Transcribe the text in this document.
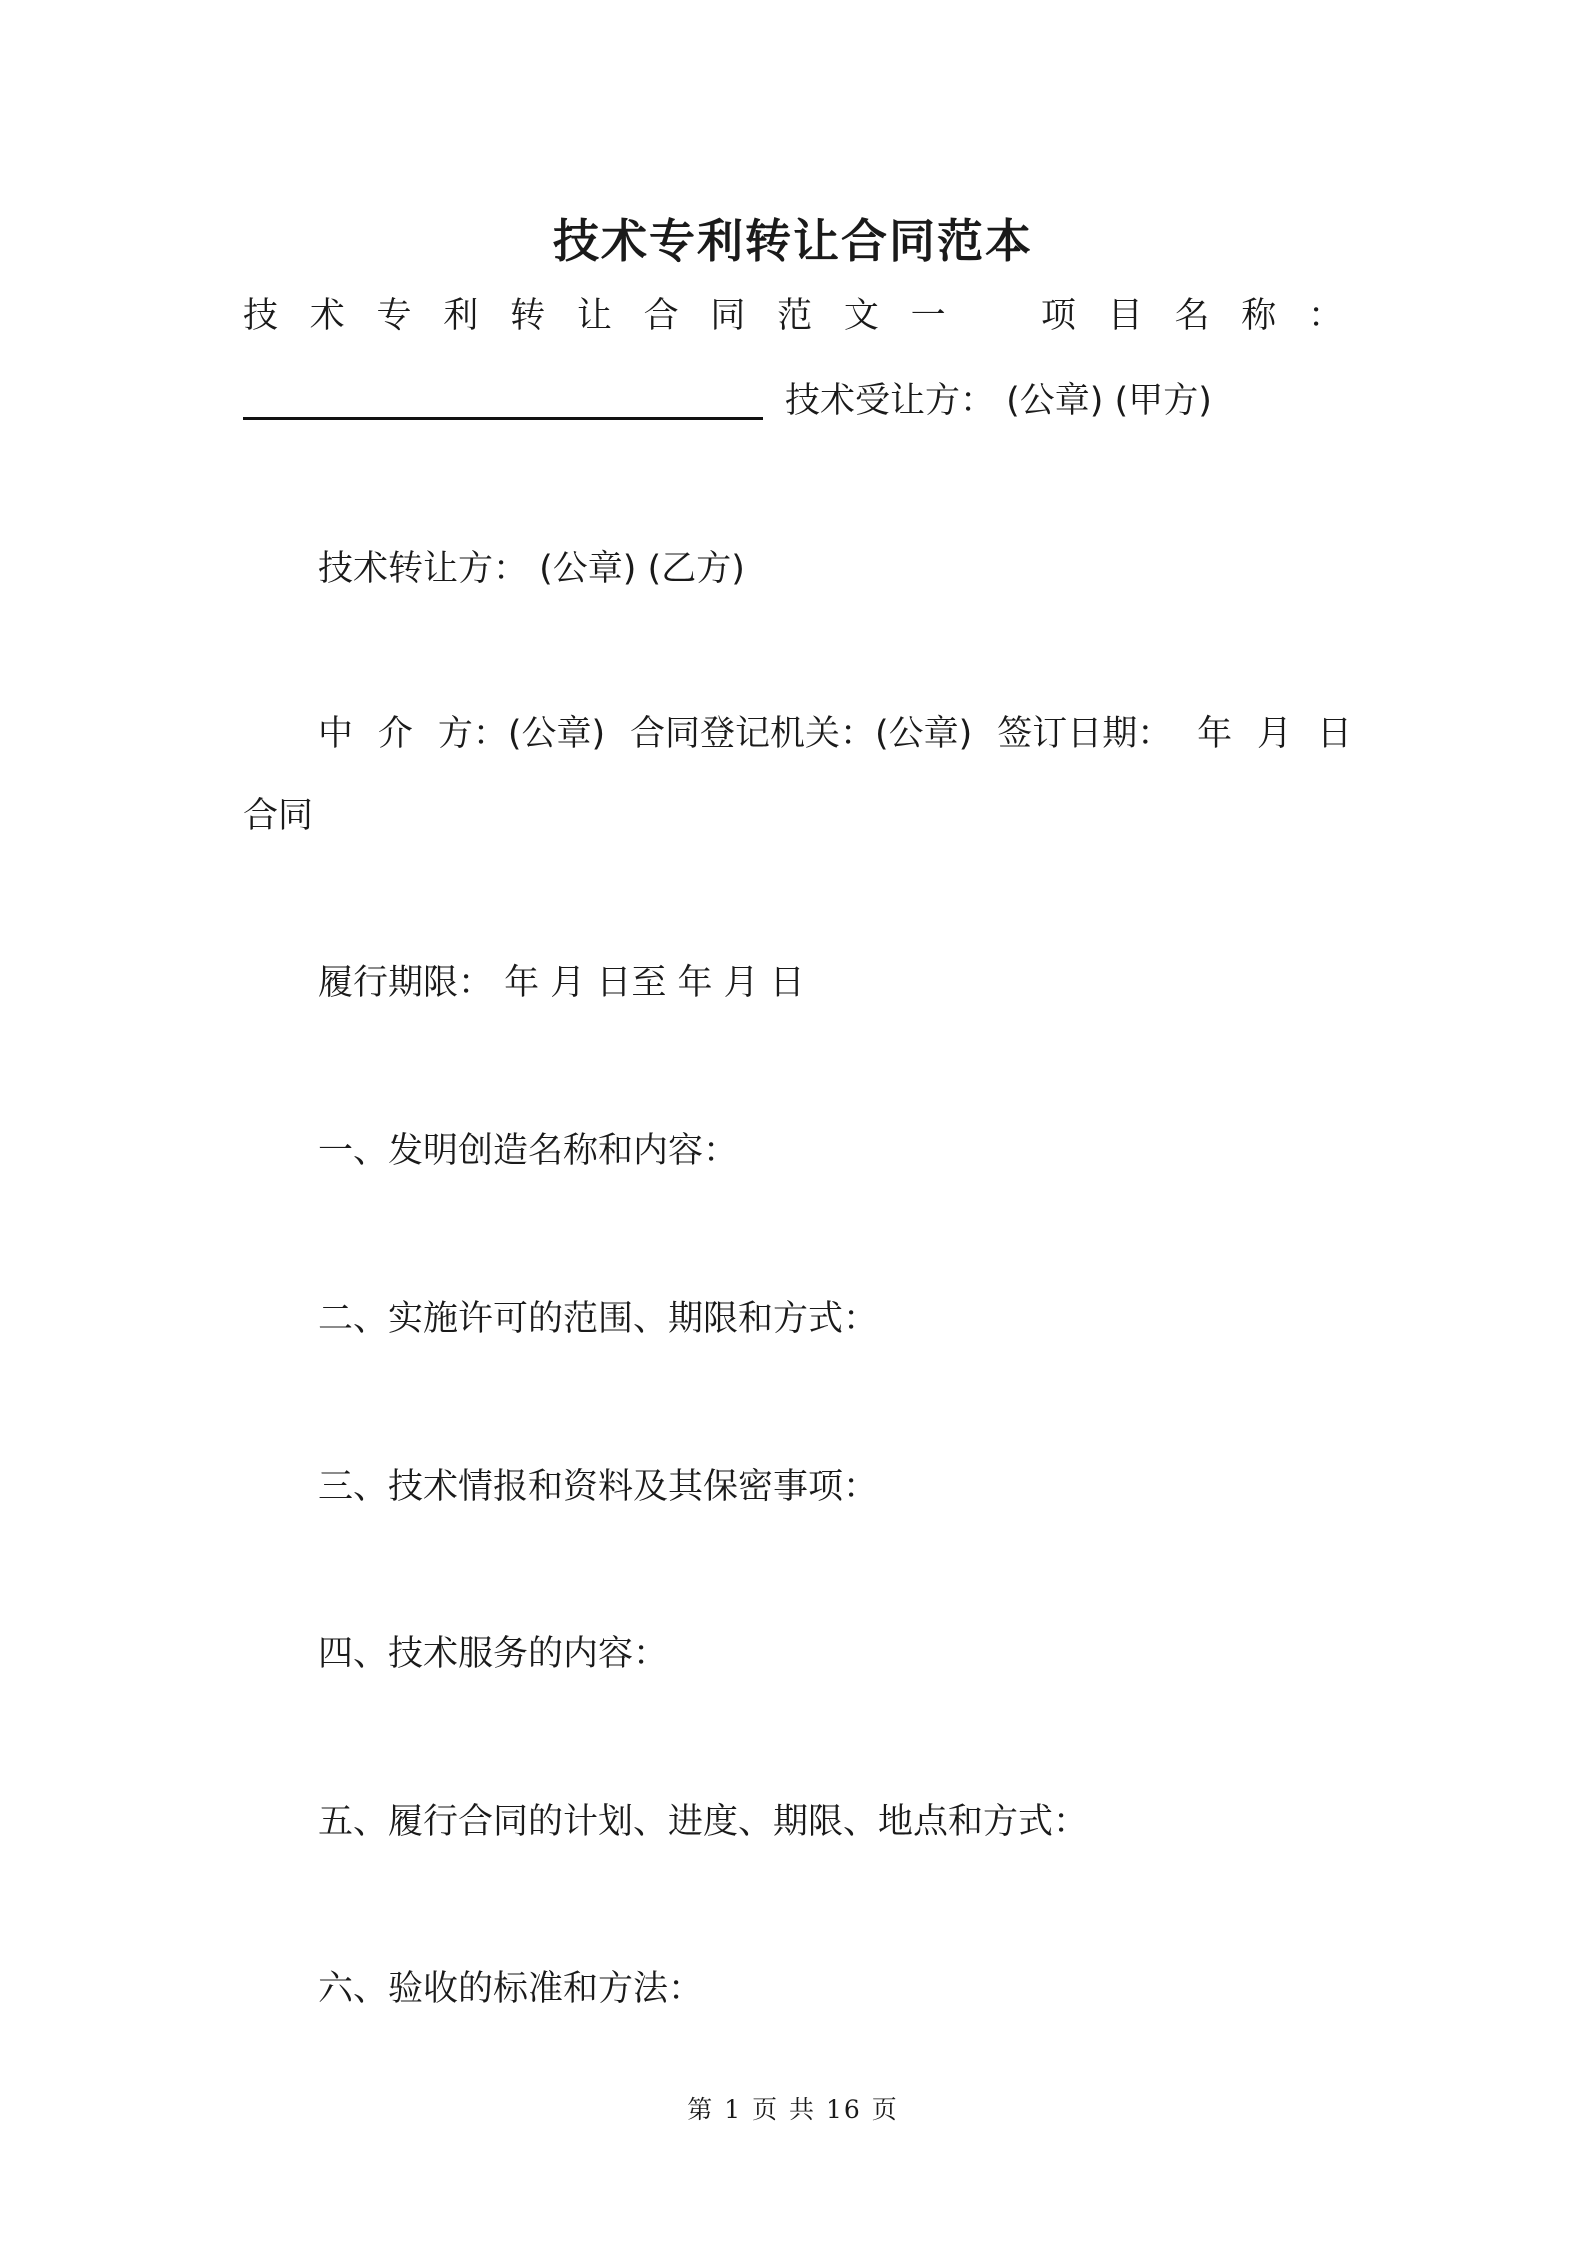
技术专利转让合同范本
技 术 专 利 转 让 合 同 范 文 一	项 目 名 称 ：
技术受让方： (公章) (甲方)
技术转让方： (公章) (乙方)
中 介 方：(公章) 合同登记机关：(公章) 签订日期： 年 月 日
合同
履行期限： 年 月 日至 年 月 日
一、发明创造名称和内容：
二、实施许可的范围、期限和方式：
三、技术情报和资料及其保密事项：
四、技术服务的内容：
五、履行合同的计划、进度、期限、地点和方式：
六、验收的标准和方法：
第 1 页 共 16 页
